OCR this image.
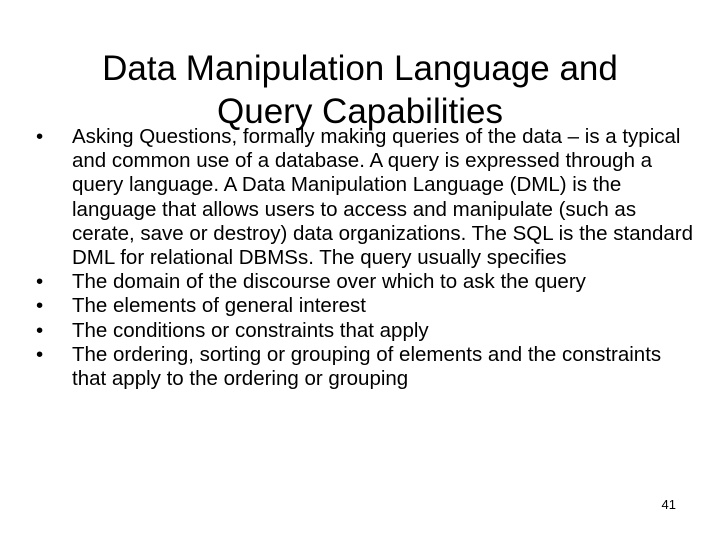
Data Manipulation Language and
Query Capabilities
•	Asking Questions, formally making queries of the data – is a typical and common use of a database. A query is expressed through a query language. A Data Manipulation Language (DML) is the language that allows users to access and manipulate (such as cerate, save or destroy) data organizations. The SQL is the standard DML for relational DBMSs. The query usually specifies
•	The domain of the discourse over which to ask the query
•	The elements of general interest
•	The conditions or constraints that apply
•	The ordering, sorting or grouping of elements and the constraints that apply to the ordering or grouping
41
